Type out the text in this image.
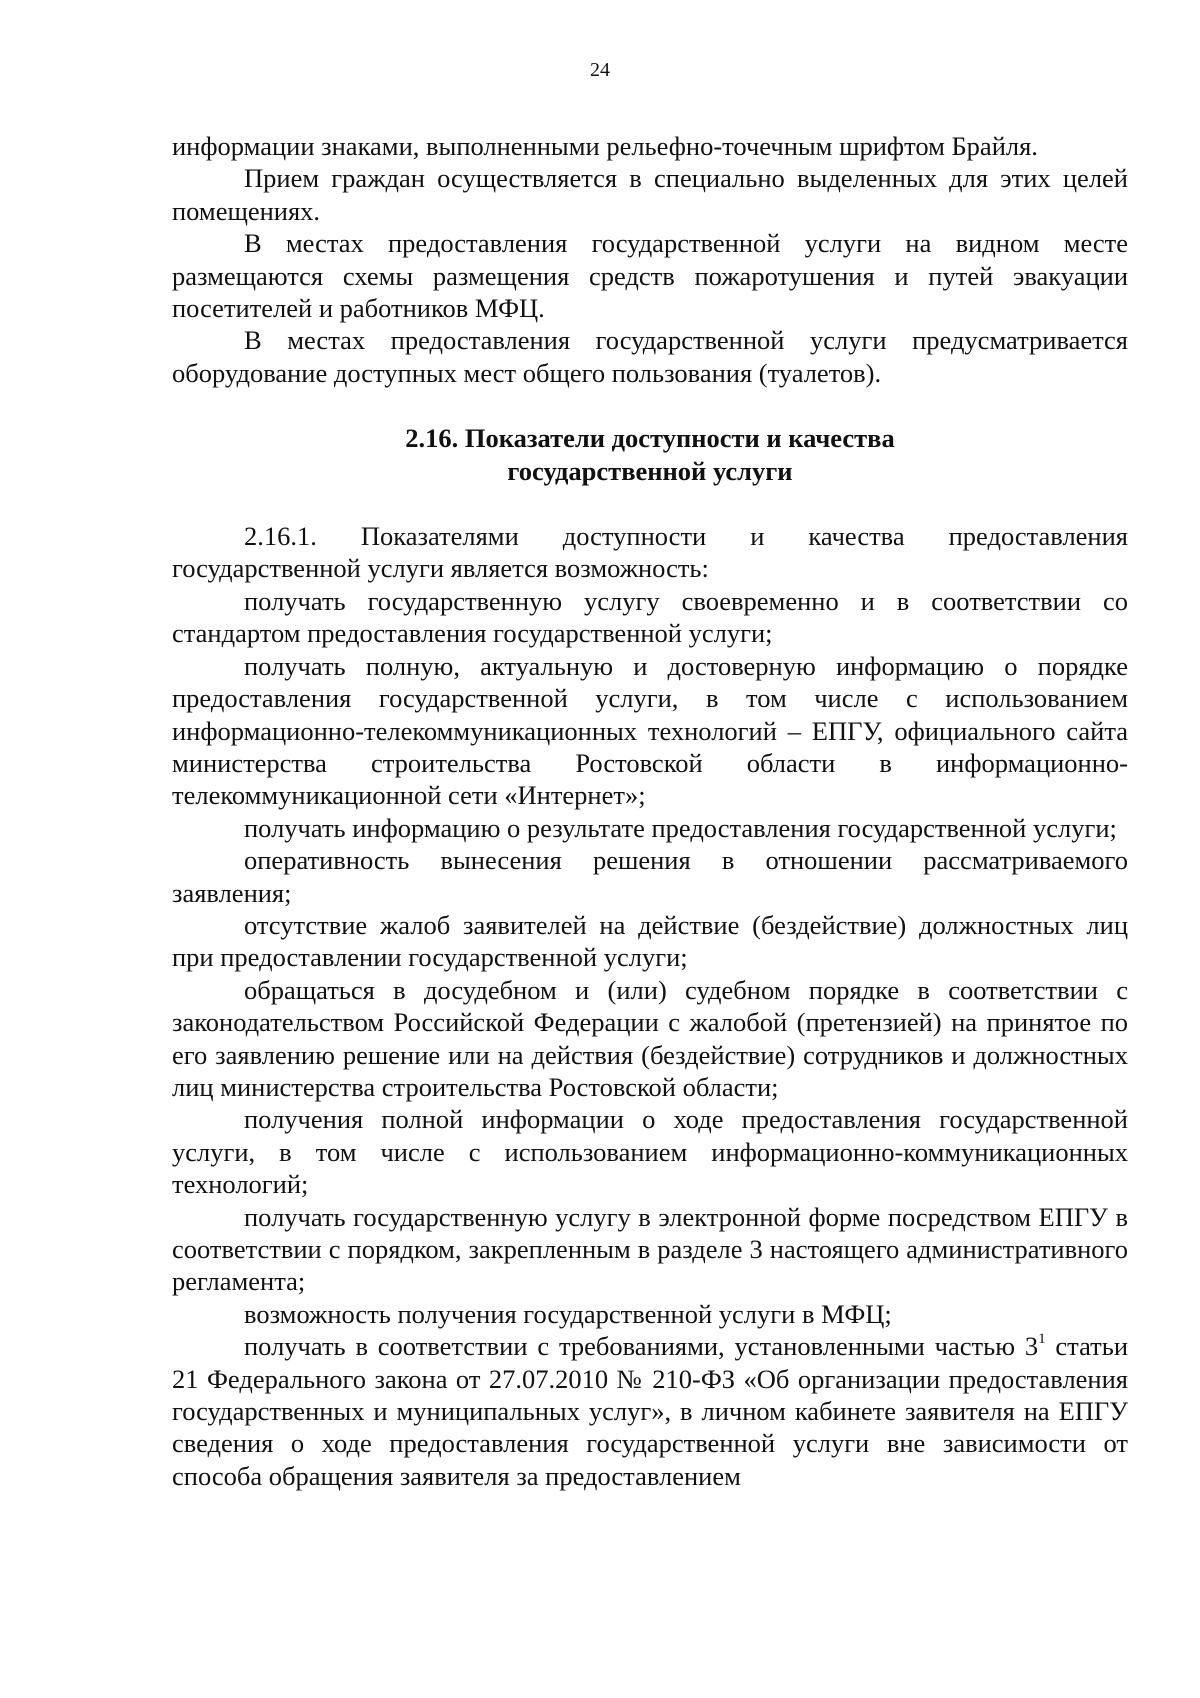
24

информации знаками, выполненными рельефно-точечным шрифтом Брайля.

Прием граждан осуществляется в специально выделенных для этих целей помещениях.

В местах предоставления государственной услуги на видном месте размещаются схемы размещения средств пожаротушения и путей эвакуации посетителей и работников МФЦ.

В местах предоставления государственной услуги предусматривается оборудование доступных мест общего пользования (туалетов).

2.16. Показатели доступности и качества
государственной услуги

2.16.1. Показателями доступности и качества предоставления государственной услуги является возможность:

получать государственную услугу своевременно и в соответствии со стандартом предоставления государственной услуги;

получать полную, актуальную и достоверную информацию о порядке предоставления государственной услуги, в том числе с использованием информационно-телекоммуникационных технологий – ЕПГУ, официального сайта министерства строительства Ростовской области в информационно-телекоммуникационной сети «Интернет»;

получать информацию о результате предоставления государственной услуги;

оперативность вынесения решения в отношении рассматриваемого заявления;

отсутствие жалоб заявителей на действие (бездействие) должностных лиц при предоставлении государственной услуги;

обращаться в досудебном и (или) судебном порядке в соответствии с законодательством Российской Федерации с жалобой (претензией) на принятое по его заявлению решение или на действия (бездействие) сотрудников и должностных лиц министерства строительства Ростовской области;

получения полной информации о ходе предоставления государственной услуги, в том числе с использованием информационно-коммуникационных технологий;

получать государственную услугу в электронной форме посредством ЕПГУ в соответствии с порядком, закрепленным в разделе 3 настоящего административного регламента;

возможность получения государственной услуги в МФЦ;

получать в соответствии с требованиями, установленными частью $3^1$ статьи 21 Федерального закона от 27.07.2010 № 210-ФЗ «Об организации предоставления государственных и муниципальных услуг», в личном кабинете заявителя на ЕПГУ сведения о ходе предоставления государственной услуги вне зависимости от способа обращения заявителя за предоставлением
